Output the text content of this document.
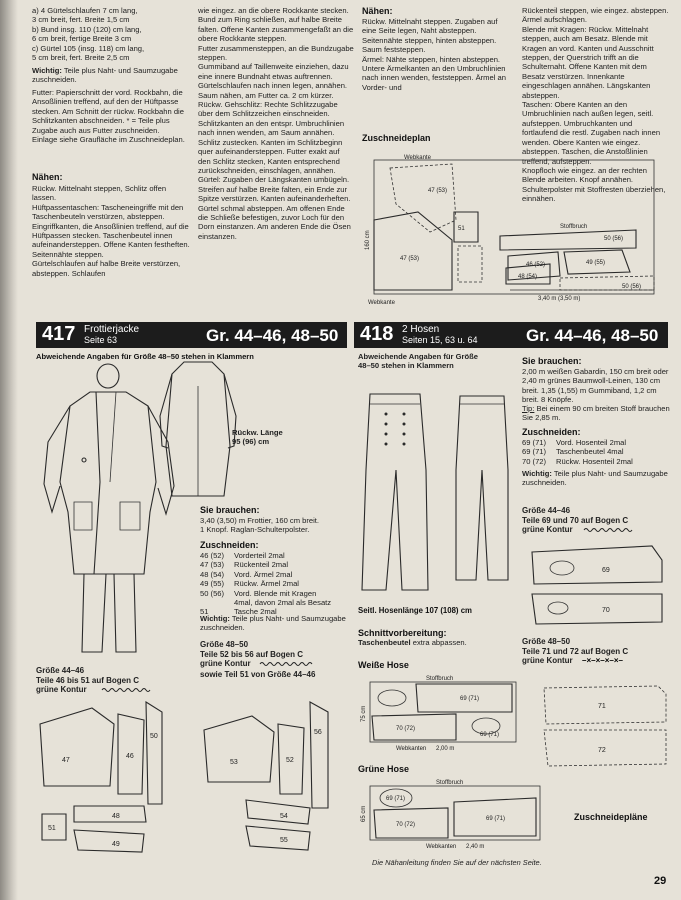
a) 4 Gürtelschlaufen 7 cm lang,
3 cm breit, fert. Breite 1,5 cm
b) Bund insg. 110 (120) cm lang,
6 cm breit, fertige Breite 3 cm
c) Gürtel 105 (insg. 118) cm lang,
5 cm breit, fert. Breite 2,5 cm

Wichtig: Teile plus Naht- und Saumzugabe zuschneiden.

Futter: Papierschnitt der vord. Rockbahn, die Ansoßlinien treffend, auf den der Hüftpasse stecken. Am Schnitt der rückw. Rockbahn die Schlitzkanten abschneiden. * = Teile plus Zugabe auch aus Futter zuschneiden.
Einlage siehe Graufläche im Zuschneideplan.

Nähen:

Rückw. Mittelnaht steppen, Schlitz offen lassen.
Hüftpassentaschen: Tascheneingriffe mit den Taschenbeuteln verstürzen, absteppen. Eingriffkanten, die Ansoßlinien treffend, auf die Hüftpassen stecken. Taschenbeutel innen aufeinandersteppen. Offene Kanten festheften.
Seitennähte steppen.
Gürtelschlaufen auf halbe Breite verstürzen, absteppen. Schlaufen

wie eingez. an die obere Rockkante stecken.
Bund zum Ring schließen, auf halbe Breite falten. Offene Kanten zusammengefaßt an die obere Rockkante steppen.
Futter zusammensteppen, an die Bundzugabe steppen.
Gummiband auf Taillenweite einziehen, dazu eine innere Bundnaht etwas auftrennen. Gürtelschlaufen nach innen legen, annähen.
Saum nähen, am Futter ca. 2 cm kürzer.
Rückw. Gehschlitz: Rechte Schlitzzugabe über dem Schlitzzeichen einschneiden. Schlitzkanten an den entspr. Umbruchlinien nach innen wenden, am Saum annähen. Schlitz zustecken. Kanten im Schlitzbeginn quer aufeinandersteppen. Futter exakt auf den Schlitz stecken, Kanten entsprechend zurückschneiden, einschlagen, annähen.
Gürtel: Zugaben der Längskanten umbügeln. Streifen auf halbe Breite falten, ein Ende zur Spitze verstürzen. Kanten aufeinanderheften. Gürtel schmal absteppen. Am offenen Ende die Schließe befestigen, zuvor Loch für den Dorn einstanzen. Am anderen Ende die Ösen einstanzen.

Nähen:

Rückw. Mittelnaht steppen. Zugaben auf eine Seite legen, Naht absteppen.
Seitennähte steppen, hinten absteppen.
Saum feststeppen.
Ärmel: Nähte steppen, hinten absteppen. Untere Ärmelkanten an den Umbruchlinien nach innen wenden, feststeppen. Ärmel an Vorder- und

Rückenteil steppen, wie eingez. absteppen. Ärmel aufschlagen.
Blende mit Kragen: Rückw. Mittelnaht steppen, auch am Besatz. Blende mit Kragen an vord. Kanten und Ausschnitt steppen, der Querstrich trifft an die Schulternaht. Offene Kanten mit dem Besatz verstürzen. Innenkante eingeschlagen annähen. Längskanten absteppen.
Taschen: Obere Kanten an den Umbruchlinien nach außen legen, seitl. aufsteppen. Umbruchkanten und fortlaufend die restl. Zugaben nach innen wenden. Obere Kanten wie eingez. absteppen. Taschen, die Anstoßlinien treffend, aufsteppen.
Knopfloch wie eingez. an der rechten Blende arbeiten. Knopf annähen.
Schulterpolster mit Stoffresten überziehen, einnähen.

Zuschneideplan
Webkante
Webkante
Stoffbruch
160 cm
3,40 m (3,50 m)
47 (53)
51
47 (53)
50 (56)
46 (52)	49 (55)
48 (54)
50 (56)
417 Frottierjacke
Seite 63	Gr. 44–46, 48–50 418 2 Hosen
Seiten 15, 63 u. 64	Gr. 44–46, 48–50
Abweichende Angaben für Größe 48–50 stehen in Klammern

Rückw. Länge
95 (96) cm

Sie brauchen:

3,40 (3,50) m Frottier, 160 cm breit.
1 Knopf. Raglan-Schulterpolster.

Zuschneiden:
46 (52)	Vorderteil 2mal
47 (53)	Rückenteil 2mal
48 (54)	Vord. Ärmel 2mal
49 (55)	Rückw. Ärmel 2mal
50 (56)	Vord. Blende mit Kragen
4mal, davon 2mal als Besatz
51	Tasche 2mal

Wichtig: Teile plus Naht- und Saumzugabe zuschneiden.

Größe 48–50
Teile 52 bis 56 auf Bogen C
grüne Kontur

sowie Teil 51 von Größe 44–46

Größe 44–46
Teile 46 bis 51 auf Bogen C
grüne Kontur

47
46
50
51
48
49
53	52
56
54
55

Abweichende Angaben für Größe
48–50 stehen in Klammern

Seitl. Hosenlänge 107 (108) cm
Sie brauchen:

2,00 m weißen Gabardin, 150 cm breit oder 2,40 m grünes Baumwoll-Leinen, 130 cm breit. 1,35 (1,55) m Gummiband, 1,2 cm breit. 8 Knöpfe.

Tip: Bei einem 90 cm breiten Stoff brauchen Sie 2,85 m.

Zuschneiden:
69 (71)	Vord. Hosenteil 2mal
69 (71)	Taschenbeutel 4mal
70 (72)	Rückw. Hosenteil 2mal

Wichtig: Teile plus Naht- und Saumzugabe zuschneiden.

Größe 44–46
Teile 69 und 70 auf Bogen C
grüne Kontur

69
70

Größe 48–50
Teile 71 und 72 auf Bogen C
grüne Kontur	–×–×–×–×–
71
72
Schnittvorbereitung:

Taschenbeutel extra abpassen.

Weiße Hose
Stoffbruch
75 cm
Webkanten 2,00 m
69 (71)
70 (72)
69 (71)
Grüne Hose
Stoffbruch
65 cm
Webkanten 2,40 m
69 (71)
70 (72)
69 (71)	Zuschneidepläne
Die Nähanleitung finden Sie auf der nächsten Seite.
29
